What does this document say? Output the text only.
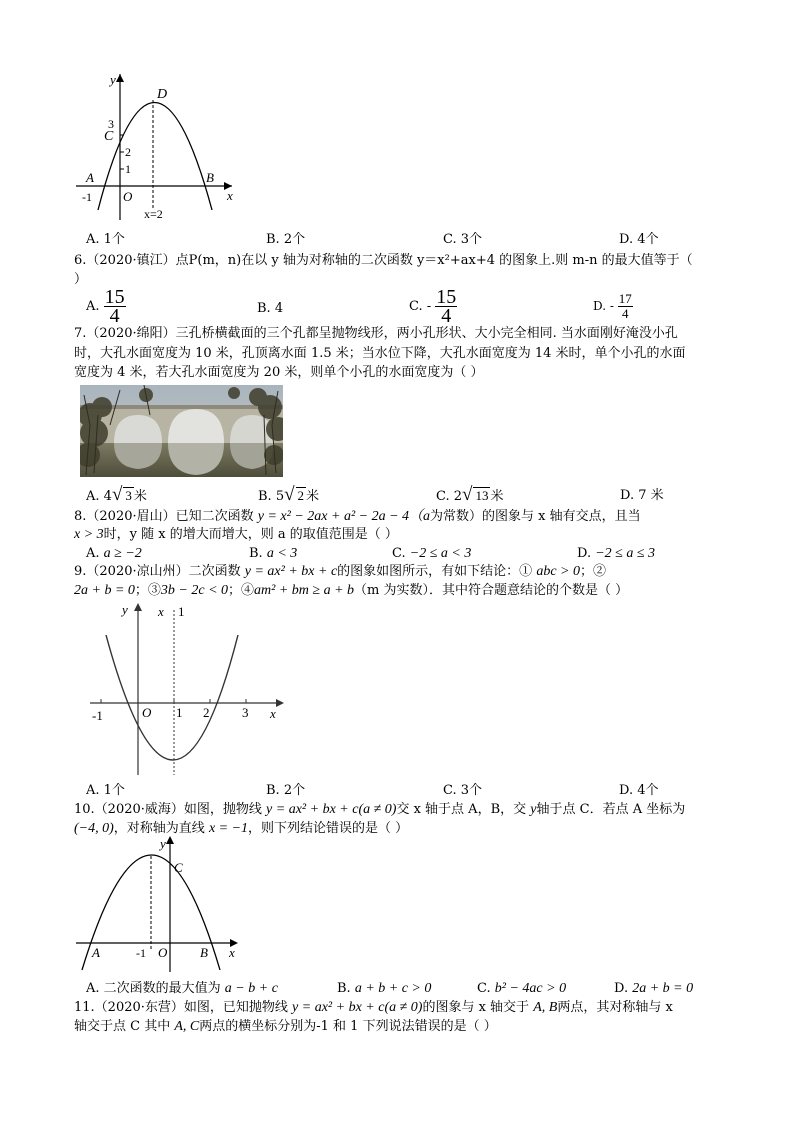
y
x
D
C
3
2
1
A	B
O
-1
x=2
A. 1个	B. 2个	C. 3个	D. 4个
6.（2020·镇江）点P(m，n)在以 y 轴为对称轴的二次函数 y＝x²+ax+4 的图象上.则 m-n 的最大值等于（
）
A. $\frac{15}{4}$	B. 4	C. - $\frac{15}{4}$	D. - $\frac{17}{4}$
7.（2020·绵阳）三孔桥横截面的三个孔都呈抛物线形，两小孔形状、大小完全相同. 当水面刚好淹没小孔
时，大孔水面宽度为 10 米，孔顶离水面 1.5 米；当水位下降，大孔水面宽度为 14 米时，单个小孔的水面
宽度为 4 米，若大孔水面宽度为 20 米，则单个小孔的水面宽度为（ ）
A. 4√ 3 米	B. 5√ 2 米	C. 2√ 13 米	D. 7 米
8.（2020·眉山）已知二次函数 y = x² − 2ax + a² − 2a − 4（a为常数）的图象与 x 轴有交点，且当
x > 3时，y 随 x 的增大而增大，则 a 的取值范围是（ ）
A. a ≥ −2	B. a < 3	C. −2 ≤ a < 3	D. −2 ≤ a ≤ 3
9.（2020·凉山州）二次函数 y = ax² + bx + c的图象如图所示，有如下结论：① abc > 0；②
2a + b = 0；③3b − 2c < 0；④am² + bm ≥ a + b（m 为实数）．其中符合题意结论的个数是（ ）
y
x
x 1
O
-1	1 2	3
A. 1个	B. 2个	C. 3个	D. 4个
10.（2020·威海）如图，抛物线 y = ax² + bx + c(a ≠ 0)交 x 轴于点 A，B，交 y轴于点 C．若点 A 坐标为
(−4, 0)，对称轴为直线 x = −1，则下列结论错误的是（ ）
y
x
C
A	B
O
-1
A. 二次函数的最大值为 a − b + c	B. a + b + c > 0	C. b² − 4ac > 0	D. 2a + b = 0
11.（2020·东营）如图，已知抛物线 y = ax² + bx + c(a ≠ 0)的图象与 x 轴交于 A, B两点，其对称轴与 x
轴交于点 C 其中 A, C两点的横坐标分别为-1 和 1 下列说法错误的是（ ）
